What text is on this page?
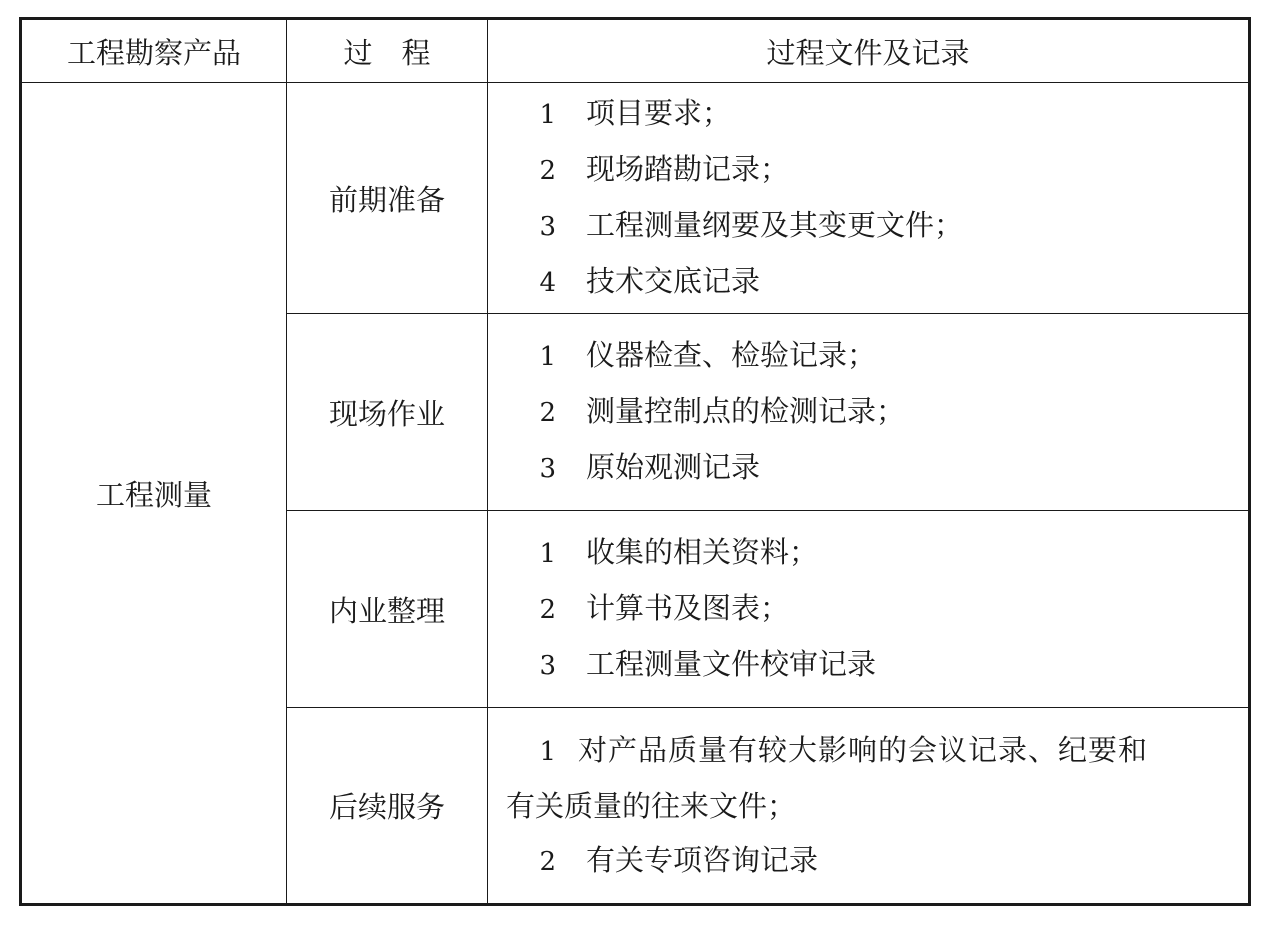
工程勘察产品	过　程	过程文件及记录
工程测量	前期准备	1 项目要求；
2 现场踏勘记录；
3 工程测量纲要及其变更文件；
4 技术交底记录

	现场作业	1 仪器检查、检验记录；
2 测量控制点的检测记录；
3 原始观测记录

	内业整理	1 收集的相关资料；
2 计算书及图表；
3 工程测量文件校审记录

	后续服务	1 对产品质量有较大影响的会议记录、纪要和
有关质量的往来文件；
2 有关专项咨询记录
